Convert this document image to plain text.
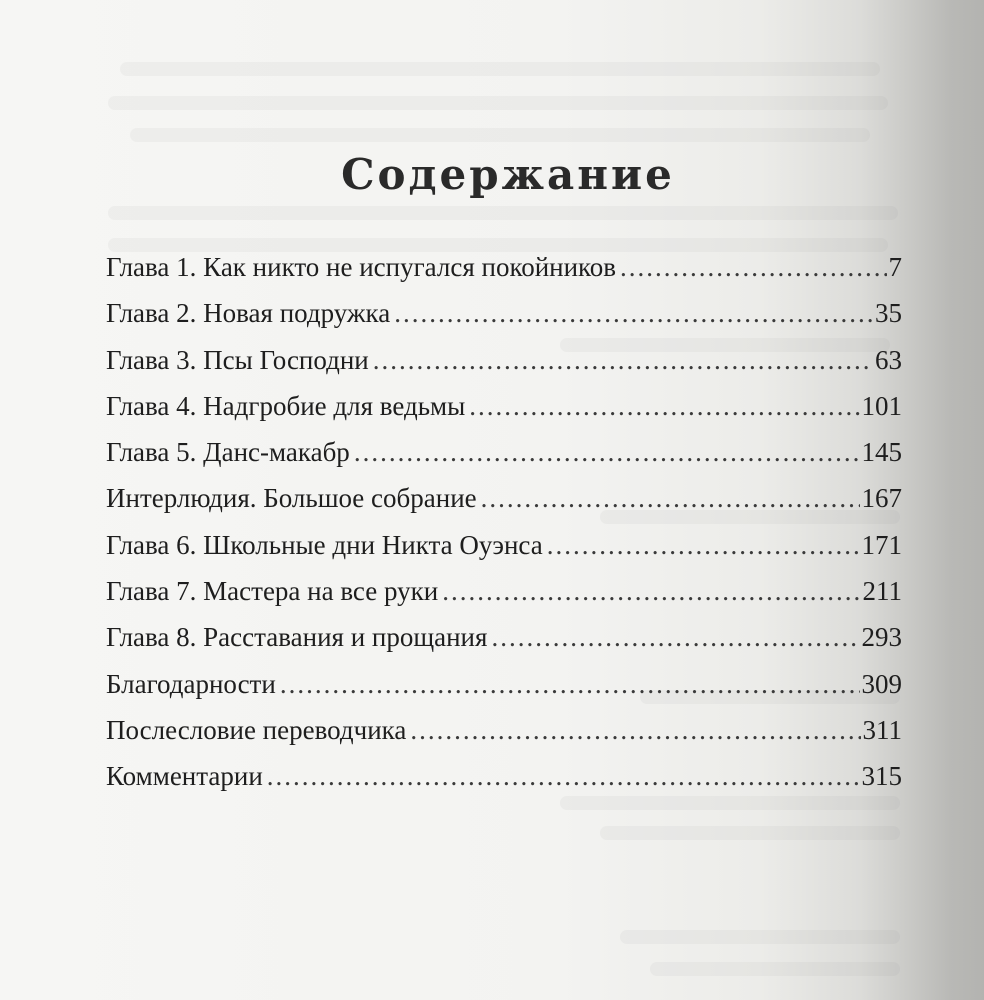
Содержание
Глава 1. Как никто не испугался покойников .....	7
Глава 2. Новая подружка .....	35
Глава 3. Псы Господни .....	63
Глава 4. Надгробие для ведьмы .....	101
Глава 5. Данс-макабр .....	145
Интерлюдия. Большое собрание .....	167
Глава 6. Школьные дни Никта Оуэнса .....	171
Глава 7. Мастера на все руки .....	211
Глава 8. Расставания и прощания .....	293
Благодарности .....	309
Послесловие переводчика .....	311
Комментарии .....	315
